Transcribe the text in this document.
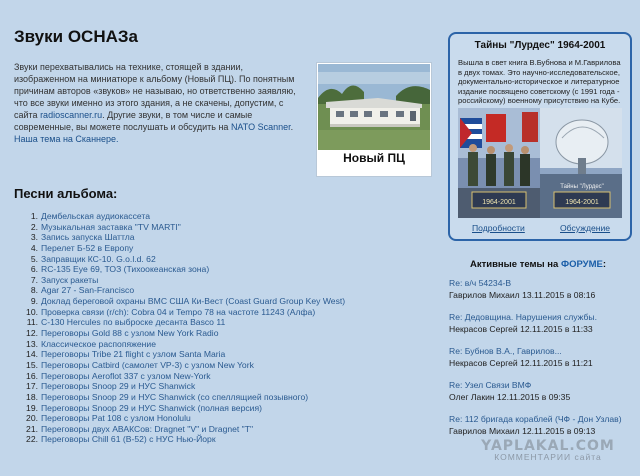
Звуки ОСНАЗа
Звуки перехватывались на технике, стоящей в здании, изображенном на миниатюре к альбому (Новый ПЦ). По понятным причинам авторов «звуков» не называю, но ответственно заявляю, что все звуки именно из этого здания, а не скачены, допустим, с сайта radioscanner.ru. Другие звуки, в том числе и самые современные, вы можете послушать и обсудить на NATO Scanner.
Наша тема на Сканнере.
Новый ПЦ
Песни альбома:
1. Дембельская аудиокассета
2. Музыкальная заставка "TV MARTI"
3. Запись запуска Шаттла
4. Перелет Б-52 в Европу
5. Заправщик КС-10. G.o.l.d. 62
6. RC-135 Eye 69, ТОЗ (Тихоокеанская зона)
7. Запуск ракеты
8. Agar 27 - San-Francisco
9. Доклад береговой охраны ВМС США Ки-Вест (Coast Guard Group Key West)
10. Проверка связи (r/ch): Cobra 04 и Tempo 78 на частоте 11243 (Алфа)
11. C-130 Hercules по выброске десанта Basco 11
12. Переговоры Gold 88 с узлом New York Radio
13. Классическое распопяжение
14. Переговоры Tribe 21 flight с узлом Santa Maria
15. Переговоры Catbird (самолет VP-3) с узлом New York
16. Переговоры Aeroflot 337 с узлом New-York
17. Переговоры Snoop 29 и НУС Shanwick
18. Переговоры Snoop 29 и НУС Shanwick (со спеллящией позывного)
19. Переговоры Snoop 29 и НУС Shanwick (полная версия)
20. Переговоры Pat 108 с узлом Honolulu
21. Переговоры двух АВАКСов: Dragnet "V" и Dragnet "T"
22. Переговоры Chill 61 (B-52) с НУС Нью-Йорк
Тайны "Лурдес" 1964-2001
Вышла в свет книга В.Бубнова и М.Гаврилова в двух томах. Это научно-исследовательское, документально-историческое и литературное издание посвящено советскому (с 1991 года - российскому) военному присутствию на Кубе.
1964-2001
Тайны "Лурдес"
1964-2001
Подробности	Обсуждение
Активные темы на ФОРУМЕ:
Re: в/ч 54234-В
Гаврилов Михаил 13.11.2015 в 08:16
Re: Дедовщина. Нарушения службы.
Некрасов Сергей 12.11.2015 в 11:33
Re: Бубнов В.А., Гаврилов...
Некрасов Сергей 12.11.2015 в 11:21
Re: Узел Связи ВМФ
Олег Лакин 12.11.2015 в 09:35
Re: 112 бригада кораблей (ЧФ - Дон Узлав)
Гаврилов Михаил 12.11.2015 в 09:13
YAPLAKAL.COM
КОММЕНТАРИИ сайта
